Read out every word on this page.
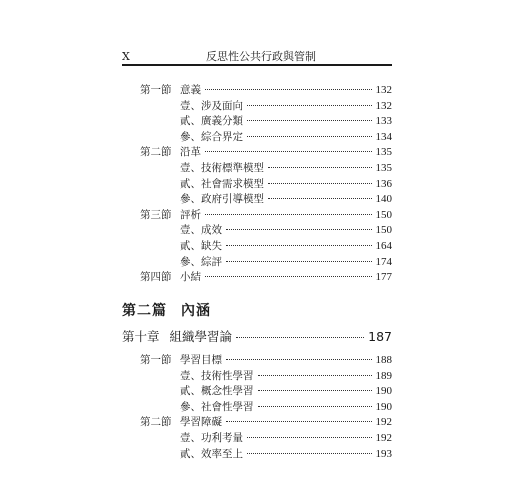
X	反思性公共行政與管制
第一節 意義	132
壹、涉及面向	132
貳、廣義分類	133
參、綜合界定	134
第二節 沿革	135
壹、技術標準模型	135
貳、社會需求模型	136
參、政府引導模型	140
第三節 評析	150
壹、成效	150
貳、缺失	164
參、綜評	174
第四節 小結	177
第二篇 內涵
第十章 組織學習論	187
第一節 學習目標	188
壹、技術性學習	189
貳、概念性學習	190
參、社會性學習	190
第二節 學習障礙	192
壹、功利考量	192
貳、效率至上	193
